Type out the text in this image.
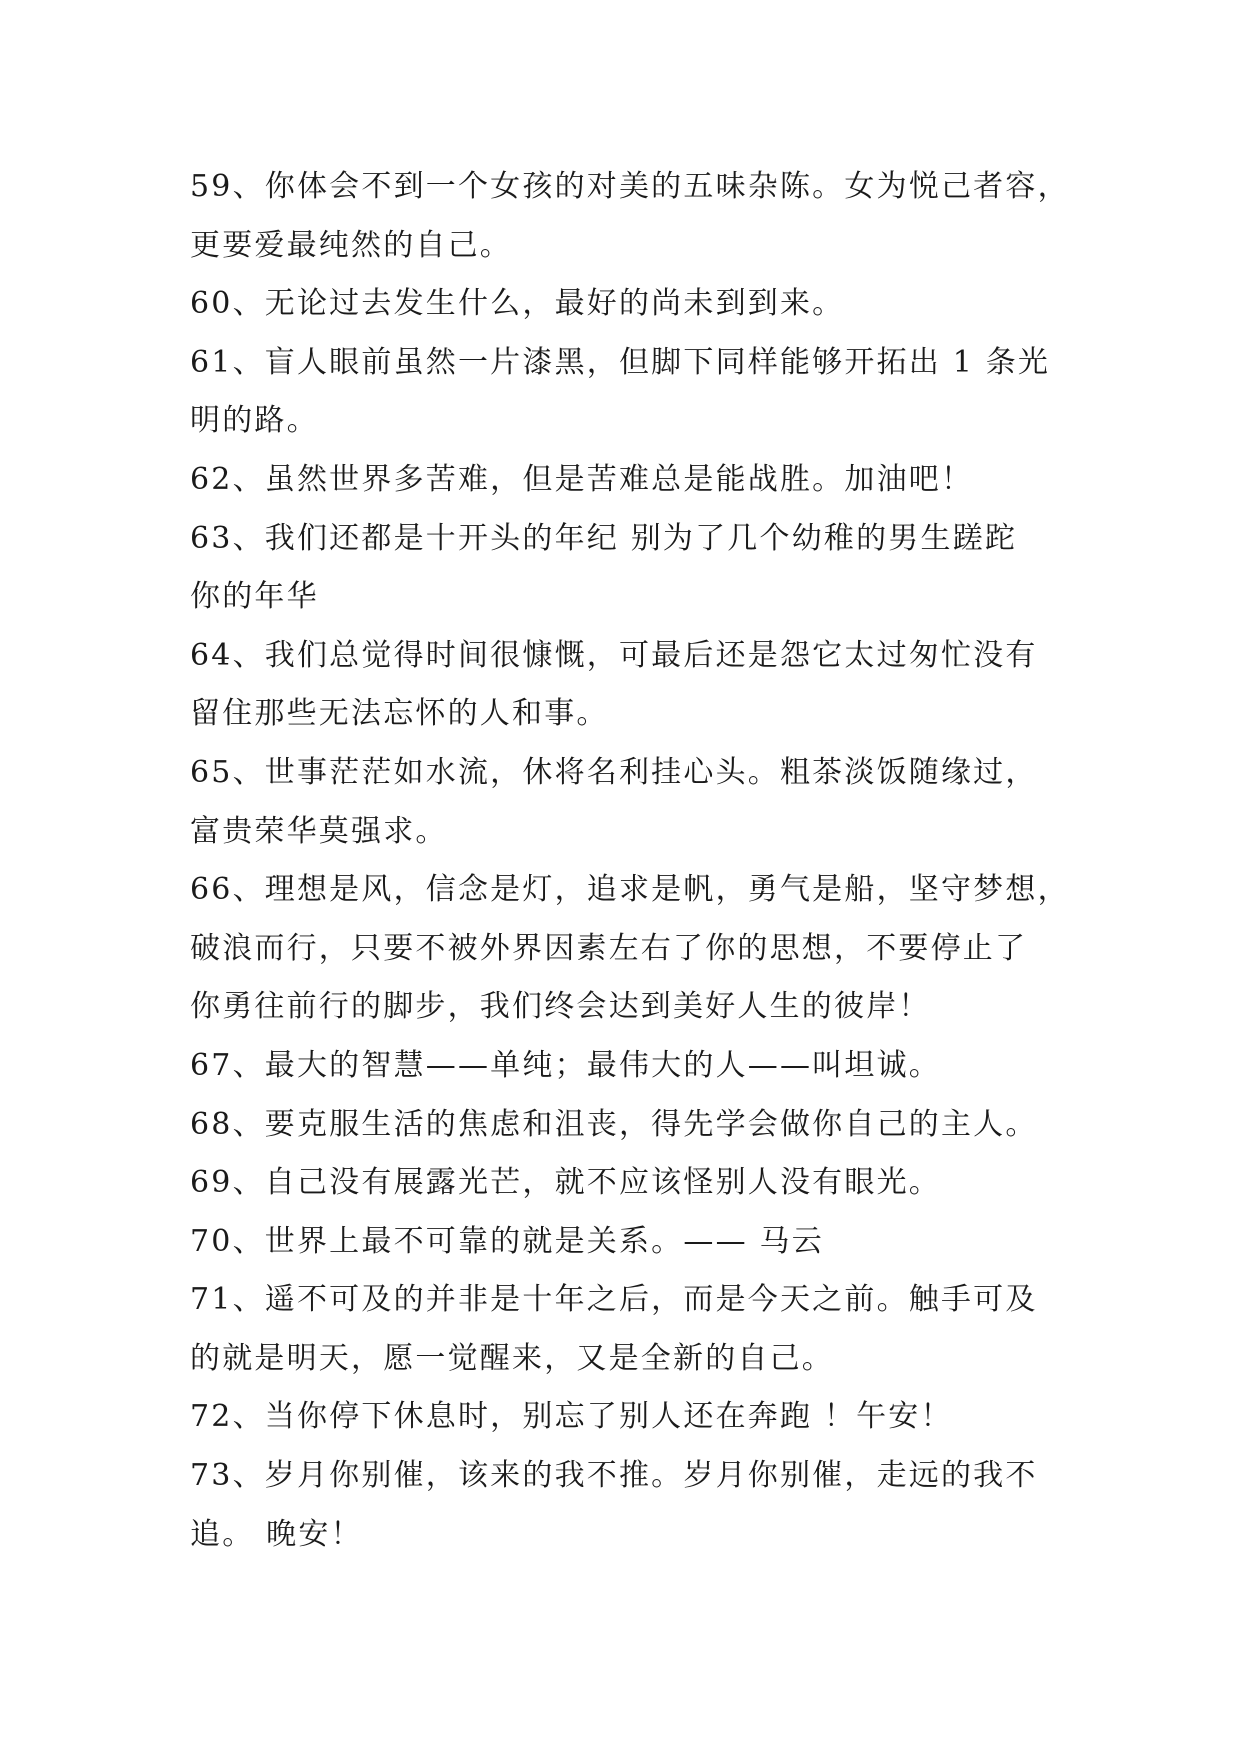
59、你体会不到一个女孩的对美的五味杂陈。女为悦己者容，
更要爱最纯然的自己。
60、无论过去发生什么，最好的尚未到到来。
61、盲人眼前虽然一片漆黑，但脚下同样能够开拓出 1 条光
明的路。
62、虽然世界多苦难，但是苦难总是能战胜。加油吧！
63、我们还都是十开头的年纪 别为了几个幼稚的男生蹉跎
你的年华
64、我们总觉得时间很慷慨，可最后还是怨它太过匆忙没有
留住那些无法忘怀的人和事。
65、世事茫茫如水流，休将名利挂心头。粗茶淡饭随缘过，
富贵荣华莫强求。
66、理想是风，信念是灯，追求是帆，勇气是船，坚守梦想，
破浪而行，只要不被外界因素左右了你的思想，不要停止了
你勇往前行的脚步，我们终会达到美好人生的彼岸！
67、最大的智慧——单纯；最伟大的人——叫坦诚。
68、要克服生活的焦虑和沮丧，得先学会做你自己的主人。
69、自己没有展露光芒，就不应该怪别人没有眼光。
70、世界上最不可靠的就是关系。—— 马云
71、遥不可及的并非是十年之后，而是今天之前。触手可及
的就是明天，愿一觉醒来，又是全新的自己。
72、当你停下休息时，别忘了别人还在奔跑 ！午安！
73、岁月你别催，该来的我不推。岁月你别催，走远的我不
追。 晚安！
